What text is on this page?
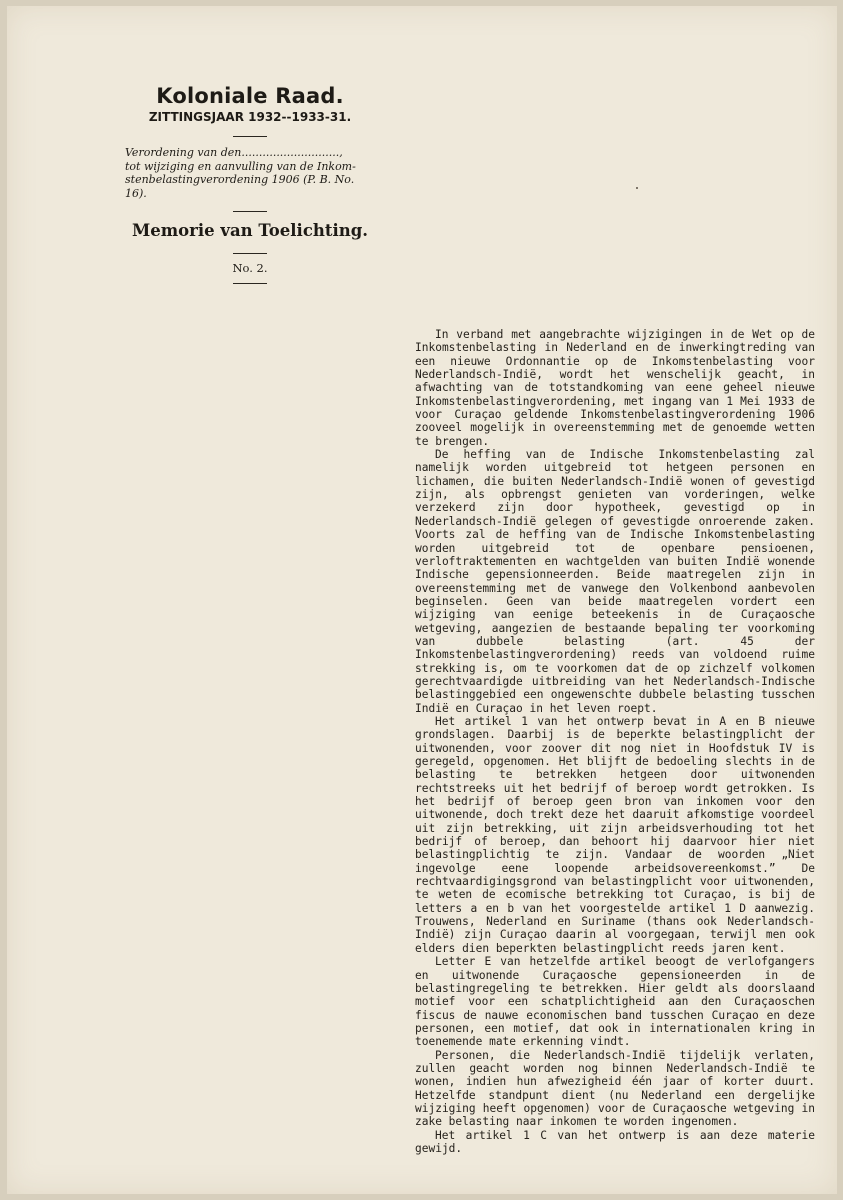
Koloniale Raad.
ZITTINGSJAAR 1932--1933-31.
Verordening van den............................,
tot wijziging en aanvulling van de Inkom-
stenbelastingverordening 1906 (P. B. No. 16).
Memorie van Toelichting.
No. 2.

In verband met aangebrachte wijzigingen in de Wet op de Inkomstenbelasting in Nederland en de inwerkingtreding van een nieuwe Ordonnantie op de Inkomstenbelasting voor Nederlandsch-Indië, wordt het wenschelijk geacht, in afwachting van de totstandkoming van eene geheel nieuwe Inkomstenbelastingverordening, met ingang van 1 Mei 1933 de voor Curaçao geldende Inkomstenbelastingverordening 1906 zooveel mogelijk in overeenstemming met de genoemde wetten te brengen.

De heffing van de Indische Inkomstenbelasting zal namelijk worden uitgebreid tot hetgeen personen en lichamen, die buiten Nederlandsch-Indië wonen of gevestigd zijn, als opbrengst genieten van vorderingen, welke verzekerd zijn door hypotheek, gevestigd op in Nederlandsch-Indië gelegen of gevestigde onroerende zaken. Voorts zal de heffing van de Indische Inkomstenbelasting worden uitgebreid tot de openbare pensioenen, verloftraktementen en wachtgelden van buiten Indië wonende Indische gepensionneerden. Beide maatregelen zijn in overeenstemming met de vanwege den Volkenbond aanbevolen beginselen. Geen van beide maatregelen vordert een wijziging van eenige beteekenis in de Curaçaosche wetgeving, aangezien de bestaande bepaling ter voorkoming van dubbele belasting (art. 45 der Inkomstenbelastingverordening) reeds van voldoend ruime strekking is, om te voorkomen dat de op zichzelf volkomen gerechtvaardigde uitbreiding van het Nederlandsch-Indische belastinggebied een ongewenschte dubbele belasting tusschen Indië en Curaçao in het leven roept.

Het artikel 1 van het ontwerp bevat in A en B nieuwe grondslagen. Daarbij is de beperkte belastingplicht der uitwonenden, voor zoover dit nog niet in Hoofdstuk IV is geregeld, opgenomen. Het blijft de bedoeling slechts in de belasting te betrekken hetgeen door uitwonenden rechtstreeks uit het bedrijf of beroep wordt getrokken. Is het bedrijf of beroep geen bron van inkomen voor den uitwonende, doch trekt deze het daaruit afkomstige voordeel uit zijn betrekking, uit zijn arbeidsverhouding tot het bedrijf of beroep, dan behoort hij daarvoor hier niet belastingplichtig te zijn. Vandaar de woorden „Niet ingevolge eene loopende arbeidsovereenkomst.” De rechtvaardigingsgrond van belastingplicht voor uitwonenden, te weten de ecomische betrekking tot Curaçao, is bij de letters a en b van het voorgestelde artikel 1 D aanwezig. Trouwens, Nederland en Suriname (thans ook Nederlandsch-Indië) zijn Curaçao daarin al voorgegaan, terwijl men ook elders dien beperkten belastingplicht reeds jaren kent.

Letter E van hetzelfde artikel beoogt de verlofgangers en uitwonende Curaçaosche gepensioneerden in de belastingregeling te betrekken. Hier geldt als doorslaand motief voor een schatplichtigheid aan den Curaçaoschen fiscus de nauwe economischen band tusschen Curaçao en deze personen, een motief, dat ook in internationalen kring in toenemende mate erkenning vindt.

Personen, die Nederlandsch-Indië tijdelijk verlaten, zullen geacht worden nog binnen Nederlandsch-Indië te wonen, indien hun afwezigheid één jaar of korter duurt. Hetzelfde standpunt dient (nu Nederland een dergelijke wijziging heeft opgenomen) voor de Curaçaosche wetgeving in zake belasting naar inkomen te worden ingenomen.

Het artikel 1 C van het ontwerp is aan deze materie gewijd.
